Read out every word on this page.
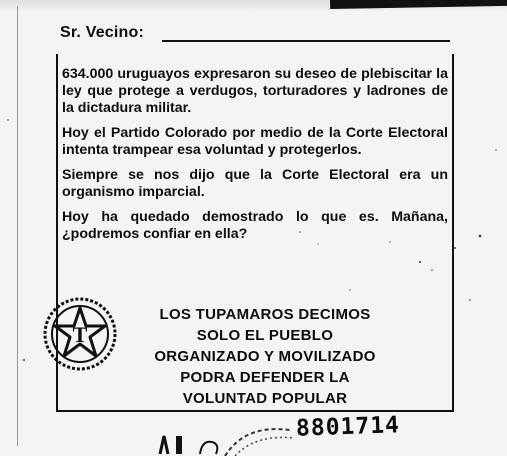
Sr. Vecino:

634.000 uruguayos expresaron su deseo de plebiscitar la ley que protege a verdugos, torturadores y ladrones de la dictadura militar.

Hoy el Partido Colorado por medio de la Corte Electoral intenta trampear esa voluntad y protegerlos.

Siempre se nos dijo que la Corte Electoral era un organismo imparcial.

Hoy ha quedado demostrado lo que es. Mañana, ¿podremos confiar en ella?

T
LOS TUPAMAROS DECIMOS
SOLO EL PUEBLO
ORGANIZADO Y MOVILIZADO
PODRA DEFENDER LA
VOLUNTAD POPULAR
8801714
